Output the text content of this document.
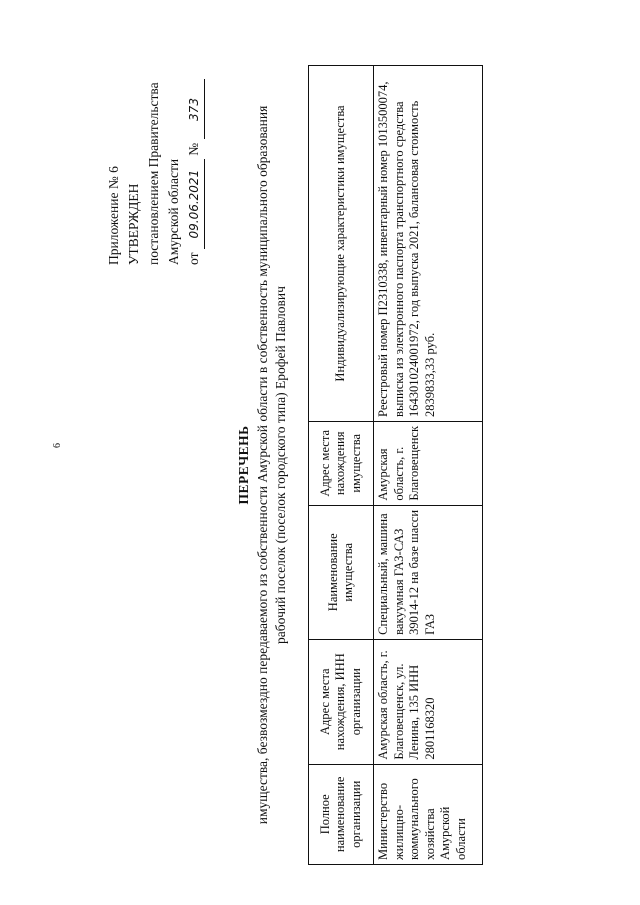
6
Приложение № 6 УТВЕРЖДЕН постановлением Правительства Амурской области от 09.06.2021 № 373
ПЕРЕЧЕНЬ имущества, безвозмездно передаваемого из собственности Амурской области в собственность муниципального образования рабочий поселок (поселок городского типа) Ерофей Павлович
Полное наименование организации	Адрес места нахождения, ИНН организации	Наименование имущества	Адрес места нахождения имущества	Индивидуализирующие характеристики имущества
Министерство жилищно-коммунального хозяйства Амурской области	Амурская область, г. Благовещенск, ул. Ленина, 135 ИНН 2801168320	Специальный, машина вакуумная ГАЗ-САЗ 39014-12 на базе шасси ГАЗ	Амурская область, г. Благовещенск	Реестровый номер П2310338, инвентарный номер 1013500074, выписка из электронного паспорта транспортного средства 164301024001972, год выпуска 2021, балансовая стоимость 2839833,33 руб.
